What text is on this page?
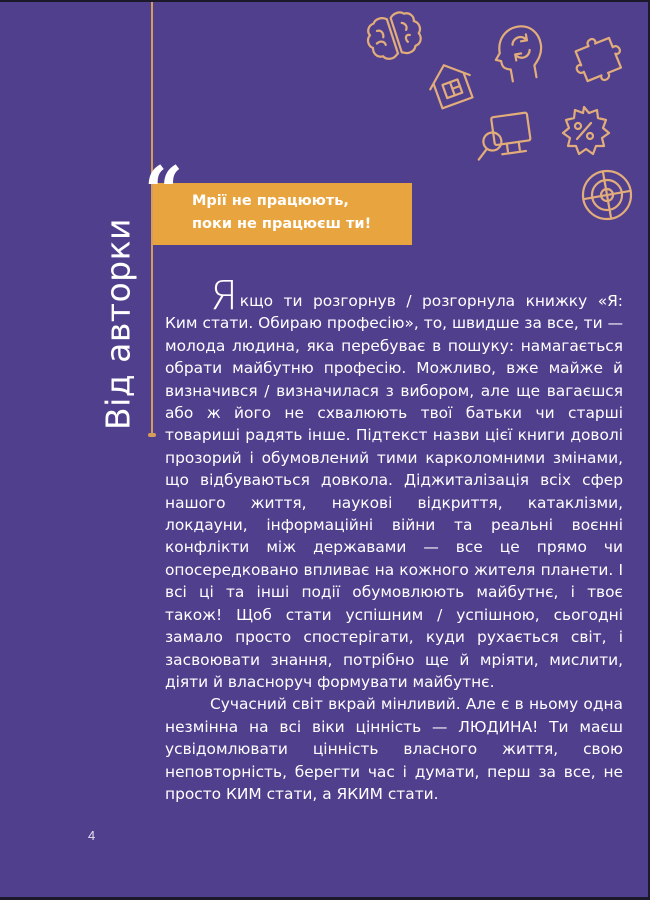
Від авторки
“ Мрії не працюють,
поки не працюєш ти!

Якщо ти розгорнув / розгорнула книжку «Я: Ким стати. Обираю професію», то, швидше за все, ти — молода людина, яка перебуває в пошуку: намагається обрати майбутню професію. Можливо, вже майже й визначився / визначилася з вибором, але ще вагаєшся або ж його не схвалюють твої батьки чи старші товариші радять інше. Підтекст назви цієї книги доволі прозорий і обумовлений тими карколомними змінами, що відбуваються довкола. Діджиталізація всіх сфер нашого життя, наукові відкриття, катаклізми, локдауни, інформаційні війни та реальні воєнні конфлікти між державами — все це прямо чи опосередковано впливає на кожного жителя планети. І всі ці та інші події обумовлюють майбутнє, і твоє також! Щоб стати успішним / успішною, сьогодні замало просто спостерігати, куди рухається світ, і засвоювати знання, потрібно ще й мріяти, мислити, діяти й власноруч формувати майбутнє.

Сучасний світ вкрай мінливий. Але є в ньому одна незмінна на всі віки цінність — ЛЮДИНА! Ти маєш усвідомлювати цінність власного життя, свою неповторність, берегти час і думати, перш за все, не просто КИМ стати, а ЯКИМ стати.

4
